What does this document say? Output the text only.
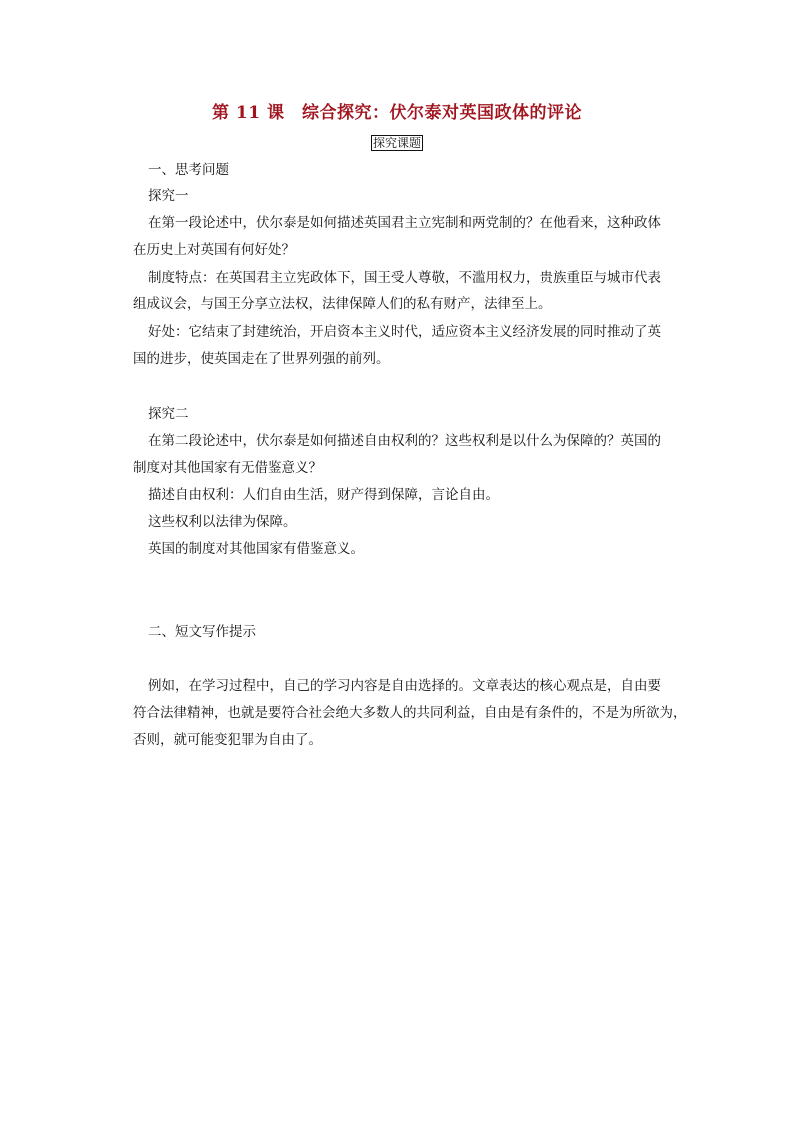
第 11 课　综合探究：伏尔泰对英国政体的评论
探究课题
一、思考问题
探究一
在第一段论述中，伏尔泰是如何描述英国君主立宪制和两党制的？在他看来，这种政体
在历史上对英国有何好处？
制度特点：在英国君主立宪政体下，国王受人尊敬，不滥用权力，贵族重臣与城市代表
组成议会，与国王分享立法权，法律保障人们的私有财产，法律至上。
好处：它结束了封建统治，开启资本主义时代，适应资本主义经济发展的同时推动了英
国的进步，使英国走在了世界列强的前列。
探究二
在第二段论述中，伏尔泰是如何描述自由权利的？这些权利是以什么为保障的？英国的
制度对其他国家有无借鉴意义？
描述自由权利：人们自由生活，财产得到保障，言论自由。
这些权利以法律为保障。
英国的制度对其他国家有借鉴意义。
二、短文写作提示
例如，在学习过程中，自己的学习内容是自由选择的。文章表达的核心观点是，自由要
符合法律精神，也就是要符合社会绝大多数人的共同利益，自由是有条件的，不是为所欲为，
否则，就可能变犯罪为自由了。
